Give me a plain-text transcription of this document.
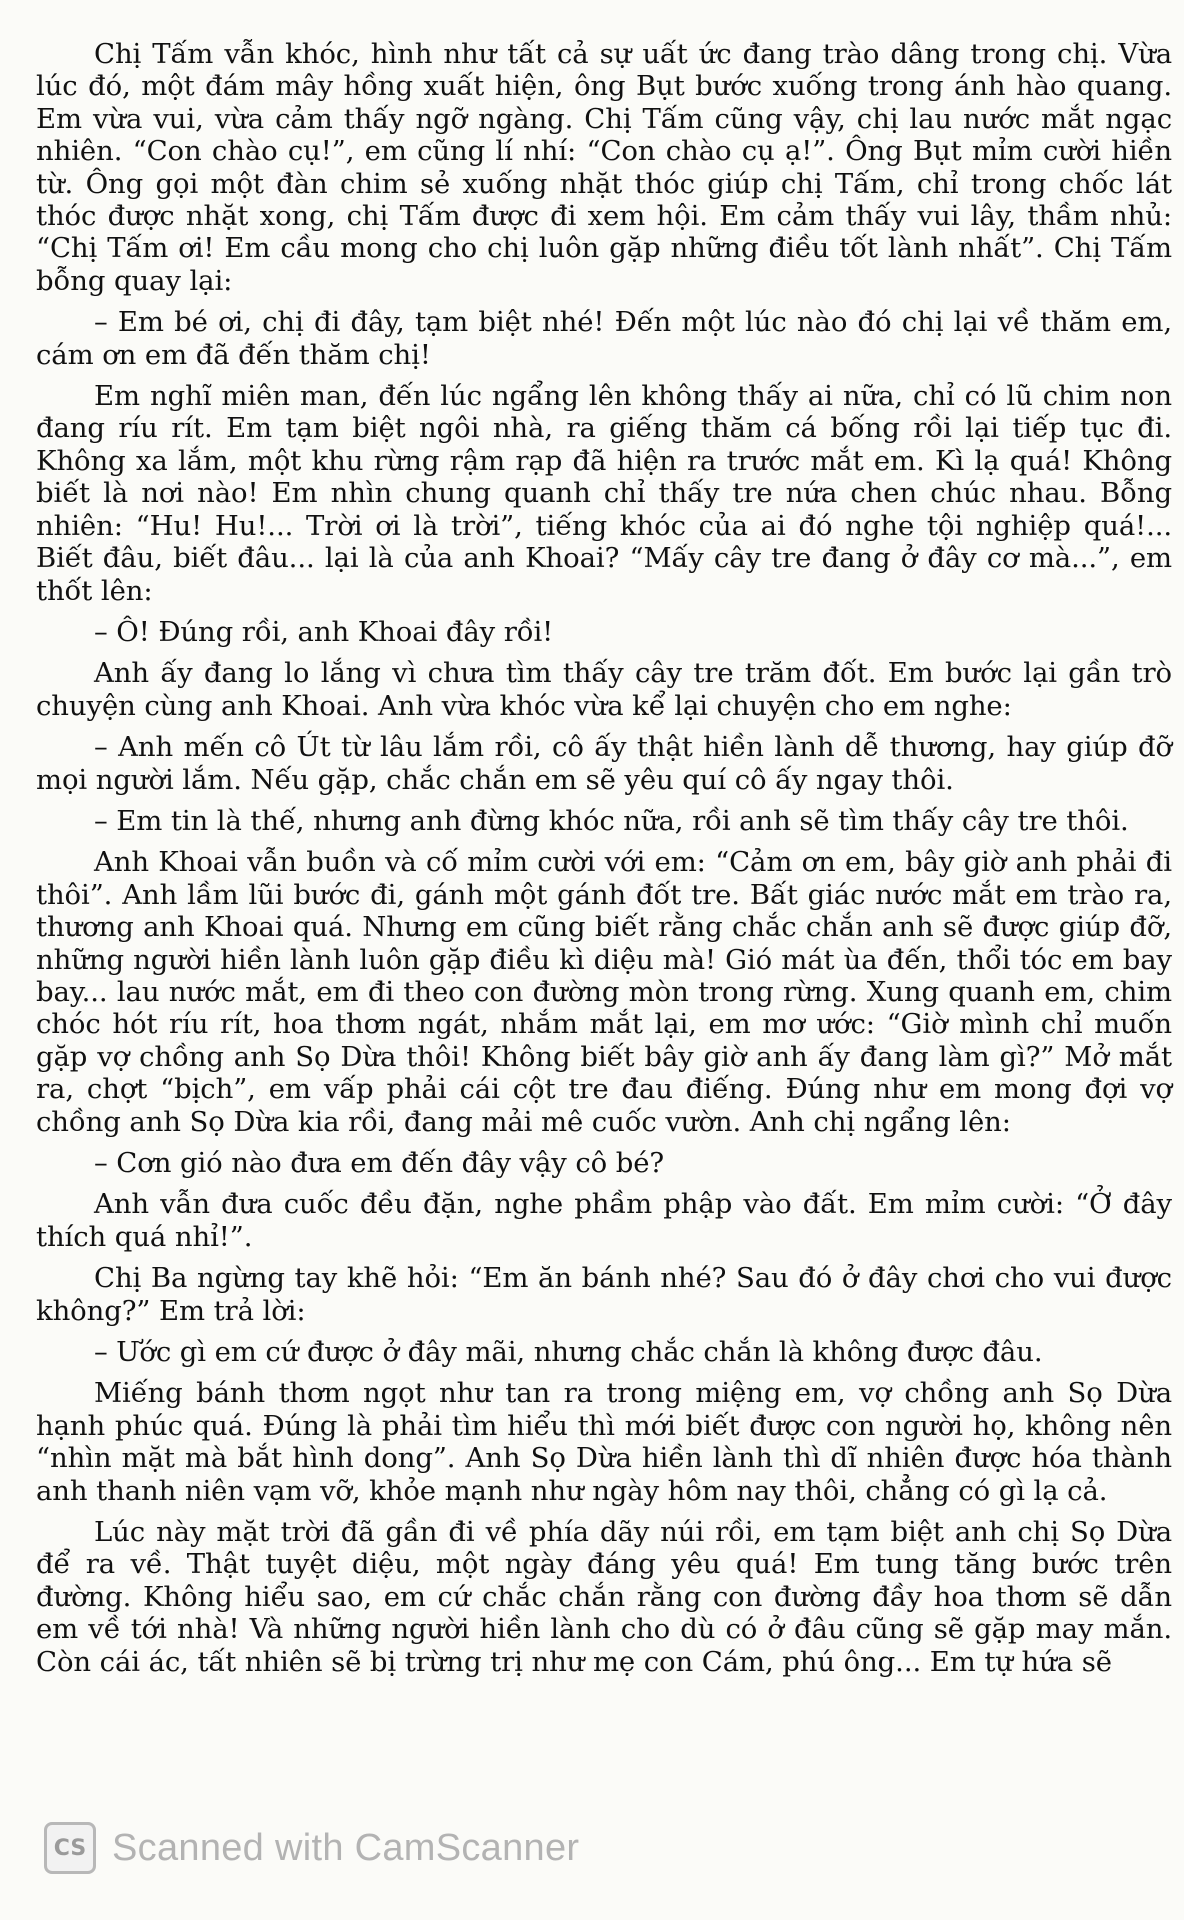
Chị Tấm vẫn khóc, hình như tất cả sự uất ức đang trào dâng trong chị. Vừa lúc đó, một đám mây hồng xuất hiện, ông Bụt bước xuống trong ánh hào quang. Em vừa vui, vừa cảm thấy ngỡ ngàng. Chị Tấm cũng vậy, chị lau nước mắt ngạc nhiên. “Con chào cụ!”, em cũng lí nhí: “Con chào cụ ạ!”. Ông Bụt mỉm cười hiền từ. Ông gọi một đàn chim sẻ xuống nhặt thóc giúp chị Tấm, chỉ trong chốc lát thóc được nhặt xong, chị Tấm được đi xem hội. Em cảm thấy vui lây, thầm nhủ: “Chị Tấm ơi! Em cầu mong cho chị luôn gặp những điều tốt lành nhất”. Chị Tấm bỗng quay lại:

– Em bé ơi, chị đi đây, tạm biệt nhé! Đến một lúc nào đó chị lại về thăm em, cám ơn em đã đến thăm chị!

Em nghĩ miên man, đến lúc ngẩng lên không thấy ai nữa, chỉ có lũ chim non đang ríu rít. Em tạm biệt ngôi nhà, ra giếng thăm cá bống rồi lại tiếp tục đi. Không xa lắm, một khu rừng rậm rạp đã hiện ra trước mắt em. Kì lạ quá! Không biết là nơi nào! Em nhìn chung quanh chỉ thấy tre nứa chen chúc nhau. Bỗng nhiên: “Hu! Hu!... Trời ơi là trời”, tiếng khóc của ai đó nghe tội nghiệp quá!... Biết đâu, biết đâu... lại là của anh Khoai? “Mấy cây tre đang ở đây cơ mà...”, em thốt lên:

– Ô! Đúng rồi, anh Khoai đây rồi!

Anh ấy đang lo lắng vì chưa tìm thấy cây tre trăm đốt. Em bước lại gần trò chuyện cùng anh Khoai. Anh vừa khóc vừa kể lại chuyện cho em nghe:

– Anh mến cô Út từ lâu lắm rồi, cô ấy thật hiền lành dễ thương, hay giúp đỡ mọi người lắm. Nếu gặp, chắc chắn em sẽ yêu quí cô ấy ngay thôi.

– Em tin là thế, nhưng anh đừng khóc nữa, rồi anh sẽ tìm thấy cây tre thôi.

Anh Khoai vẫn buồn và cố mỉm cười với em: “Cảm ơn em, bây giờ anh phải đi thôi”. Anh lầm lũi bước đi, gánh một gánh đốt tre. Bất giác nước mắt em trào ra, thương anh Khoai quá. Nhưng em cũng biết rằng chắc chắn anh sẽ được giúp đỡ, những người hiền lành luôn gặp điều kì diệu mà! Gió mát ùa đến, thổi tóc em bay bay... lau nước mắt, em đi theo con đường mòn trong rừng. Xung quanh em, chim chóc hót ríu rít, hoa thơm ngát, nhắm mắt lại, em mơ ước: “Giờ mình chỉ muốn gặp vợ chồng anh Sọ Dừa thôi! Không biết bây giờ anh ấy đang làm gì?” Mở mắt ra, chợt “bịch”, em vấp phải cái cột tre đau điếng. Đúng như em mong đợi vợ chồng anh Sọ Dừa kia rồi, đang mải mê cuốc vườn. Anh chị ngẩng lên:

– Cơn gió nào đưa em đến đây vậy cô bé?

Anh vẫn đưa cuốc đều đặn, nghe phầm phập vào đất. Em mỉm cười: “Ở đây thích quá nhỉ!”.

Chị Ba ngừng tay khẽ hỏi: “Em ăn bánh nhé? Sau đó ở đây chơi cho vui được không?” Em trả lời:

– Ước gì em cứ được ở đây mãi, nhưng chắc chắn là không được đâu.

Miếng bánh thơm ngọt như tan ra trong miệng em, vợ chồng anh Sọ Dừa hạnh phúc quá. Đúng là phải tìm hiểu thì mới biết được con người họ, không nên “nhìn mặt mà bắt hình dong”. Anh Sọ Dừa hiền lành thì dĩ nhiên được hóa thành anh thanh niên vạm vỡ, khỏe mạnh như ngày hôm nay thôi, chẳng có gì lạ cả.

Lúc này mặt trời đã gần đi về phía dãy núi rồi, em tạm biệt anh chị Sọ Dừa để ra về. Thật tuyệt diệu, một ngày đáng yêu quá! Em tung tăng bước trên đường. Không hiểu sao, em cứ chắc chắn rằng con đường đầy hoa thơm sẽ dẫn em về tới nhà! Và những người hiền lành cho dù có ở đâu cũng sẽ gặp may mắn. Còn cái ác, tất nhiên sẽ bị trừng trị như mẹ con Cám, phú ông... Em tự hứa sẽ

CS Scanned with CamScanner
